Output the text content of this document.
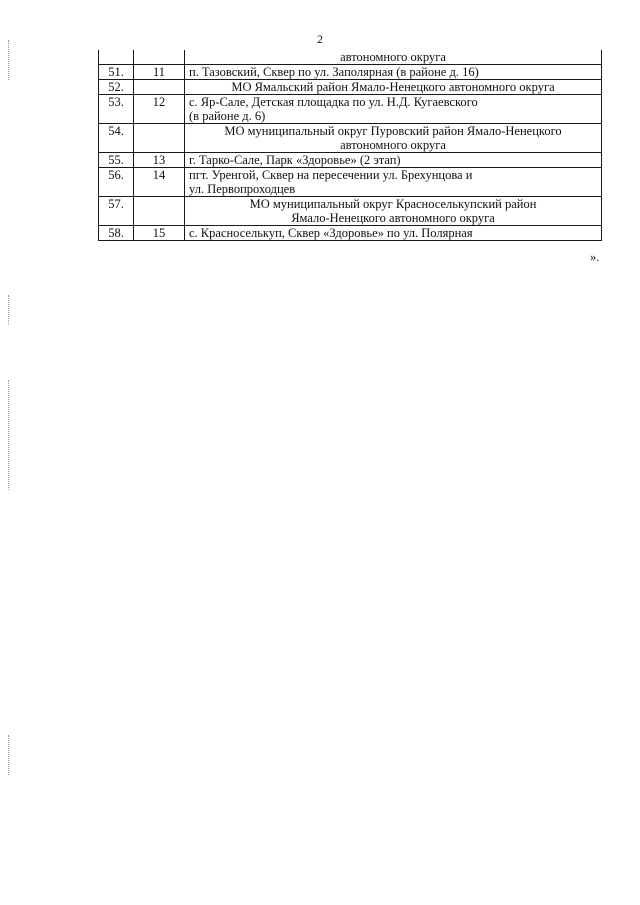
2

		автономного округа

51.	11	п. Тазовский, Сквер по ул. Заполярная (в районе д. 16)

52.		МО Ямальский район Ямало-Ненецкого автономного округа

53.	12	с. Яр-Сале, Детская площадка по ул. Н.Д. Кугаевского
(в районе д. 6)

54.		МО муниципальный округ Пуровский район Ямало-Ненецкого
автономного округа

55.	13	г. Тарко-Сале, Парк «Здоровье» (2 этап)

56.	14	пгт. Уренгой, Сквер на пересечении ул. Брехунцова и
ул. Первопроходцев

57.		МО муниципальный округ Красноселькупский район
Ямало-Ненецкого автономного округа

58.	15	с. Красноселькуп, Сквер «Здоровье» по ул. Полярная
».
